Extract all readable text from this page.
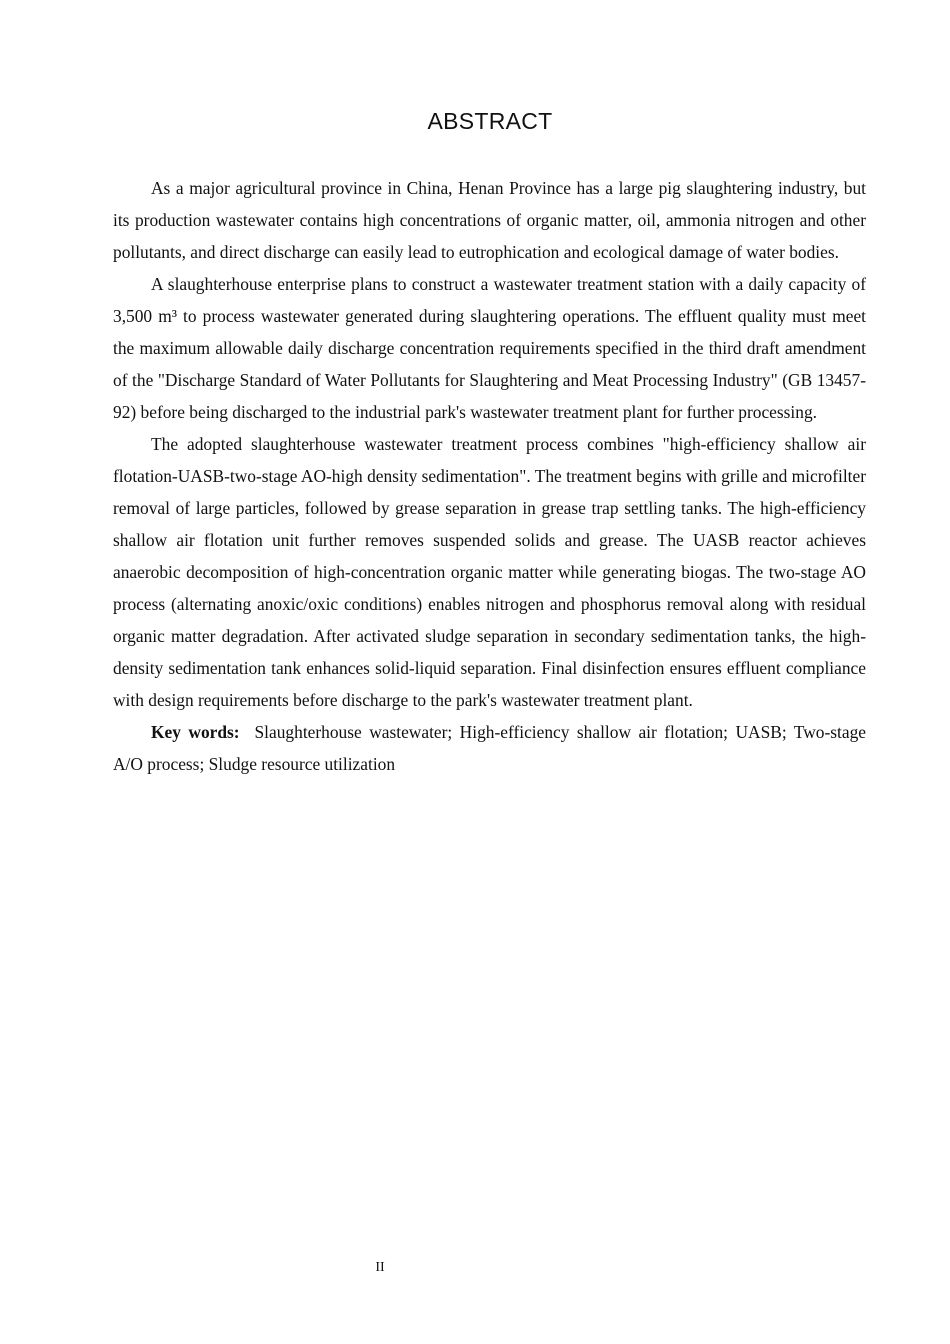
ABSTRACT

As a major agricultural province in China, Henan Province has a large pig slaughtering industry, but its production wastewater contains high concentrations of organic matter, oil, ammonia nitrogen and other pollutants, and direct discharge can easily lead to eutrophication and ecological damage of water bodies.

A slaughterhouse enterprise plans to construct a wastewater treatment station with a daily capacity of 3,500 m³ to process wastewater generated during slaughtering operations. The effluent quality must meet the maximum allowable daily discharge concentration requirements specified in the third draft amendment of the "Discharge Standard of Water Pollutants for Slaughtering and Meat Processing Industry" (GB 13457-92) before being discharged to the industrial park's wastewater treatment plant for further processing.

The adopted slaughterhouse wastewater treatment process combines "high-efficiency shallow air flotation-UASB-two-stage AO-high density sedimentation". The treatment begins with grille and microfilter removal of large particles, followed by grease separation in grease trap settling tanks. The high-efficiency shallow air flotation unit further removes suspended solids and grease. The UASB reactor achieves anaerobic decomposition of high-concentration organic matter while generating biogas. The two-stage AO process (alternating anoxic/oxic conditions) enables nitrogen and phosphorus removal along with residual organic matter degradation. After activated sludge separation in secondary sedimentation tanks, the high-density sedimentation tank enhances solid-liquid separation. Final disinfection ensures effluent compliance with design requirements before discharge to the park's wastewater treatment plant.

Key words: Slaughterhouse wastewater; High-efficiency shallow air flotation; UASB; Two-stage A/O process; Sludge resource utilization

II
